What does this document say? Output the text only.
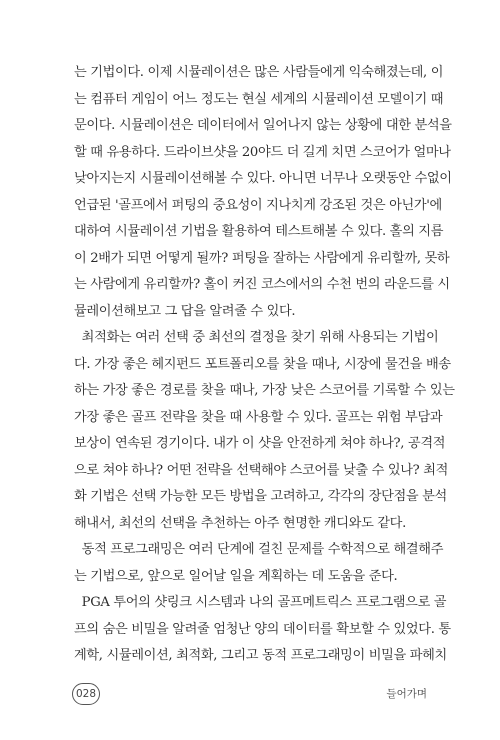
는 기법이다. 이제 시뮬레이션은 많은 사람들에게 익숙해졌는데, 이
는 컴퓨터 게임이 어느 정도는 현실 세계의 시뮬레이션 모델이기 때
문이다. 시뮬레이션은 데이터에서 일어나지 않는 상황에 대한 분석을
할 때 유용하다. 드라이브샷을 20야드 더 길게 치면 스코어가 얼마나
낮아지는지 시뮬레이션해볼 수 있다. 아니면 너무나 오랫동안 수없이
언급된 '골프에서 퍼팅의 중요성이 지나치게 강조된 것은 아닌가'에
대하여 시뮬레이션 기법을 활용하여 테스트해볼 수 있다. 홀의 지름
이 2배가 되면 어떻게 될까? 퍼팅을 잘하는 사람에게 유리할까, 못하
는 사람에게 유리할까? 홀이 커진 코스에서의 수천 번의 라운드를 시
뮬레이션해보고 그 답을 알려줄 수 있다.
최적화는 여러 선택 중 최선의 결정을 찾기 위해 사용되는 기법이
다. 가장 좋은 헤지펀드 포트폴리오를 찾을 때나, 시장에 물건을 배송
하는 가장 좋은 경로를 찾을 때나, 가장 낮은 스코어를 기록할 수 있는
가장 좋은 골프 전략을 찾을 때 사용할 수 있다. 골프는 위험 부담과
보상이 연속된 경기이다. 내가 이 샷을 안전하게 쳐야 하나?, 공격적
으로 쳐야 하나? 어떤 전략을 선택해야 스코어를 낮출 수 있나? 최적
화 기법은 선택 가능한 모든 방법을 고려하고, 각각의 장단점을 분석
해내서, 최선의 선택을 추천하는 아주 현명한 캐디와도 같다.
동적 프로그래밍은 여러 단계에 걸친 문제를 수학적으로 해결해주
는 기법으로, 앞으로 일어날 일을 계획하는 데 도움을 준다.
PGA 투어의 샷링크 시스템과 나의 골프메트릭스 프로그램으로 골
프의 숨은 비밀을 알려줄 엄청난 양의 데이터를 확보할 수 있었다. 통
계학, 시뮬레이션, 최적화, 그리고 동적 프로그래밍이 비밀을 파헤치
028	들어가며
